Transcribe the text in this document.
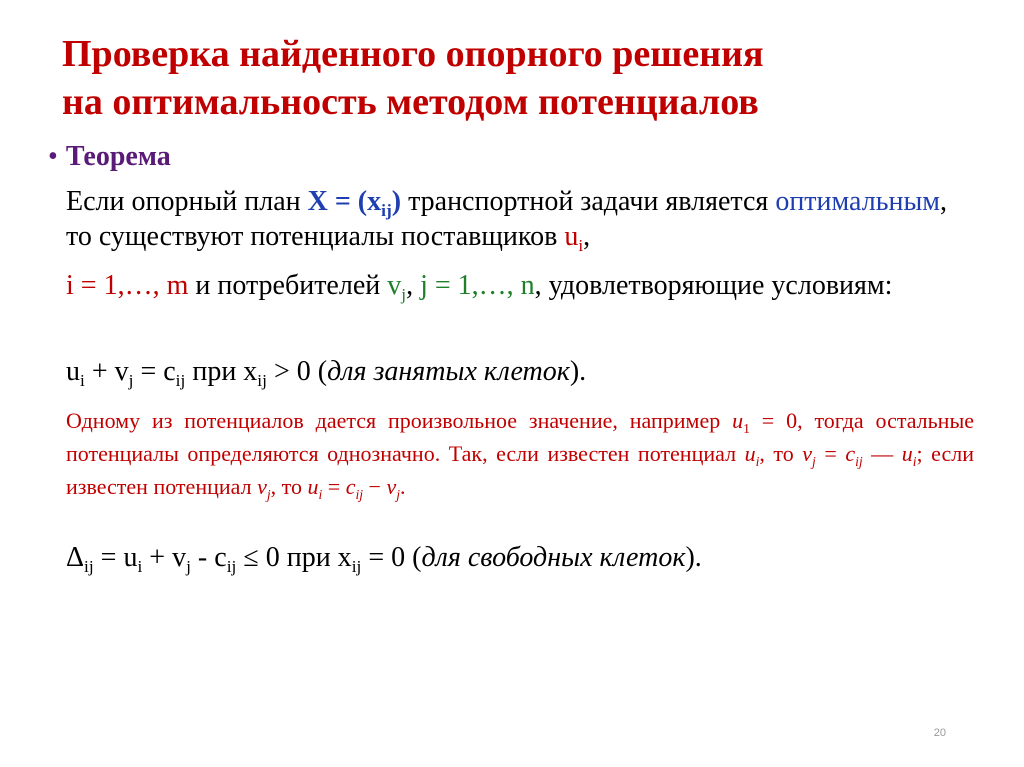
Проверка найденного опорного решения
на оптимальность методом потенциалов
• Теорема
Если опорный план $X = (x_{ij})$ транспортной задачи является оптимальным, то существуют потенциалы поставщиков $u_i$,
i = 1,…, m и потребителей $v_j$, j = 1,…, n, удовлетворяющие условиям:
$u_i + v_j = c_{ij}$ при $x_{ij} > 0$ (для занятых клеток).
Одному из потенциалов дается произвольное значение, например $u_1 = 0$, тогда остальные потенциалы определяются однозначно. Так, если известен потенциал $u_i$, то $v_j = c_{ij}$ — $u_i$; если известен потенциал $v_j$, то $u_i = c_{ij} - v_j$.
$\Delta_{ij} = u_i + v_j - c_{ij} \le 0$ при $x_{ij} = 0$ (для свободных клеток).
20
